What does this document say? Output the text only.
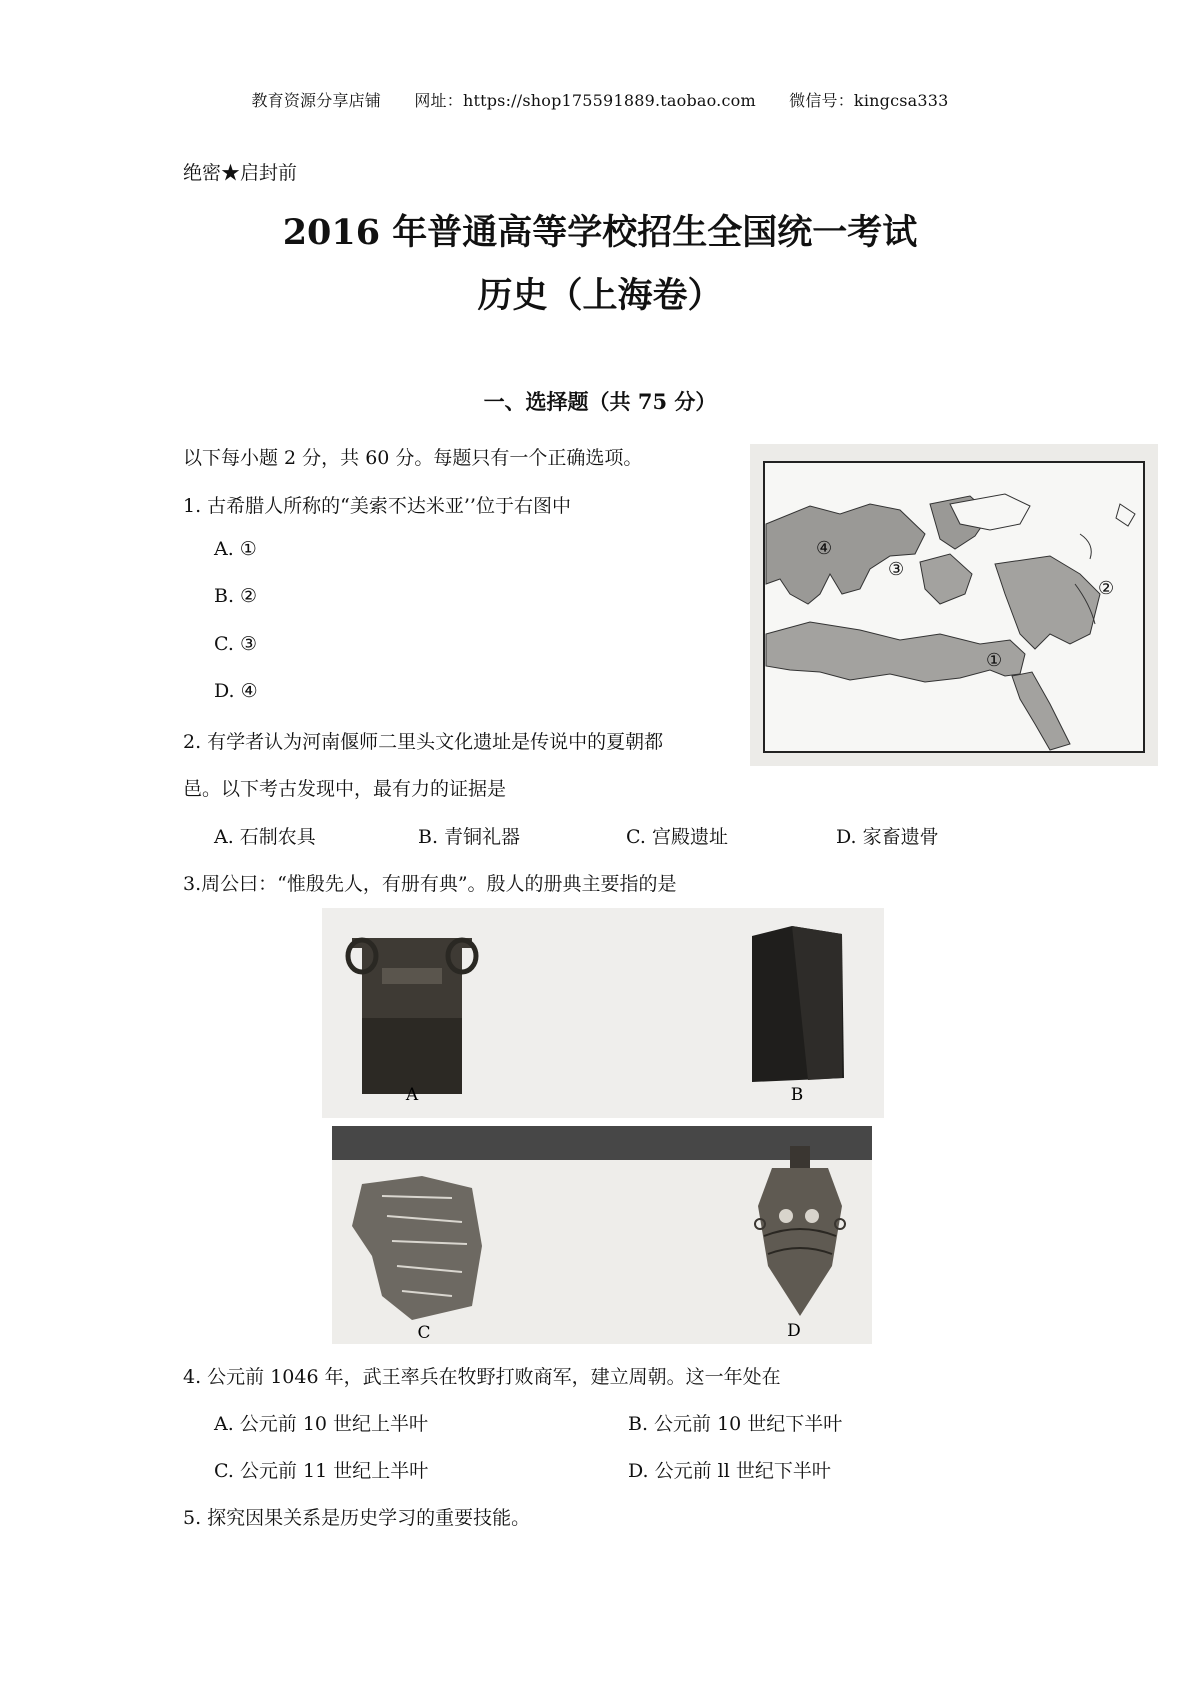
教育资源分享店铺 网址：https://shop175591889.taobao.com 微信号：kingcsa333
绝密★启封前
2016 年普通高等学校招生全国统一考试
历史（上海卷）
一、选择题（共 75 分）
以下每小题 2 分，共 60 分。每题只有一个正确选项。
1. 古希腊人所称的“美索不达米亚’’位于右图中
A. ①
B. ②
C. ③
D. ④
①
②
③
④
2. 有学者认为河南偃师二里头文化遗址是传说中的夏朝都
邑。以下考古发现中，最有力的证据是
A. 石制农具	B. 青铜礼器	C. 宫殿遗址	D. 家畜遗骨
3.周公曰：“惟殷先人，有册有典”。殷人的册典主要指的是
A	B
C	D
4. 公元前 1046 年，武王率兵在牧野打败商军，建立周朝。这一年处在
A. 公元前 10 世纪上半叶	B. 公元前 10 世纪下半叶
C. 公元前 11 世纪上半叶	D. 公元前 ll 世纪下半叶
5. 探究因果关系是历史学习的重要技能。
